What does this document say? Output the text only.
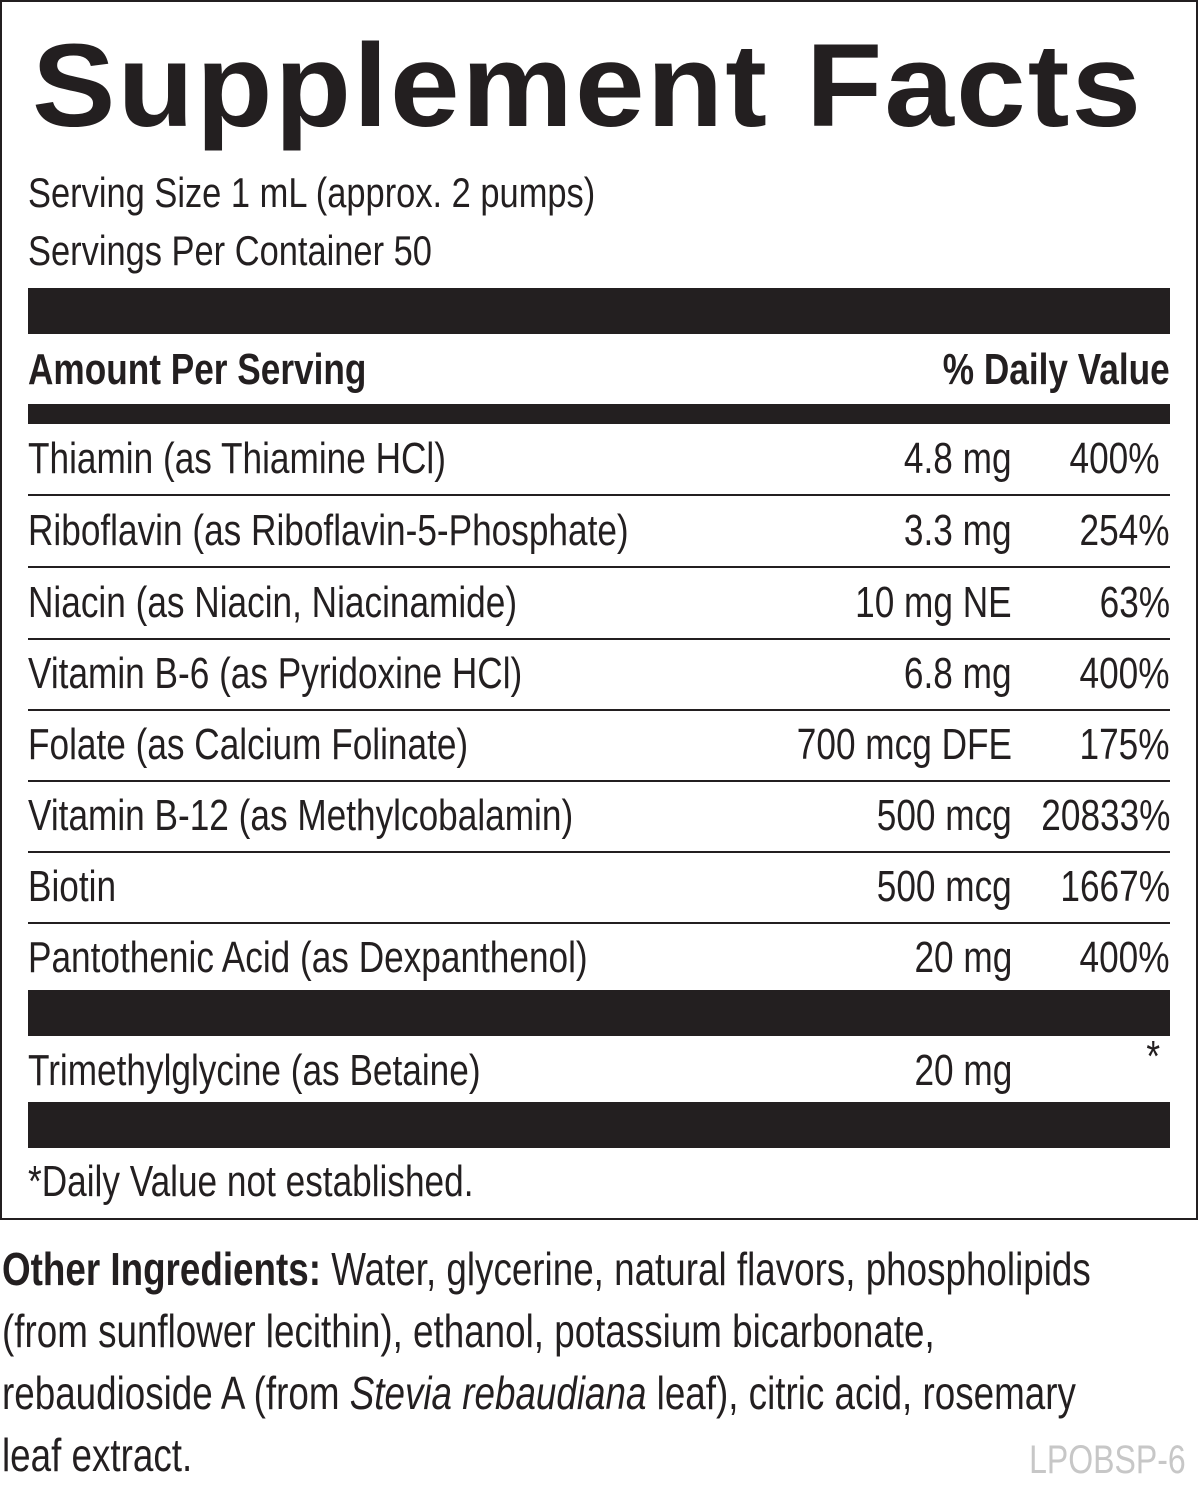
Supplement Facts
Serving Size 1 mL (approx. 2 pumps)
Servings Per Container 50
Amount Per Serving	% Daily Value
Thiamin (as Thiamine HCl)	4.8 mg 400%
Riboflavin (as Riboflavin-5-Phosphate)	3.3 mg 254%
Niacin (as Niacin, Niacinamide)	10 mg NE 63%
Vitamin B-6 (as Pyridoxine HCl)	6.8 mg 400%
Folate (as Calcium Folinate)	700 mcg DFE 175%
Vitamin B-12 (as Methylcobalamin)	500 mcg 20833%
Biotin	500 mcg 1667%
Pantothenic Acid (as Dexpanthenol)	20 mg 400%
Trimethylglycine (as Betaine)	20 mg	*
*Daily Value not established.
Other Ingredients: Water, glycerine, natural flavors, phospholipids (from sunflower lecithin), ethanol, potassium bicarbonate, rebaudioside A (from Stevia rebaudiana leaf), citric acid, rosemary leaf extract.	LPOBSP-6
